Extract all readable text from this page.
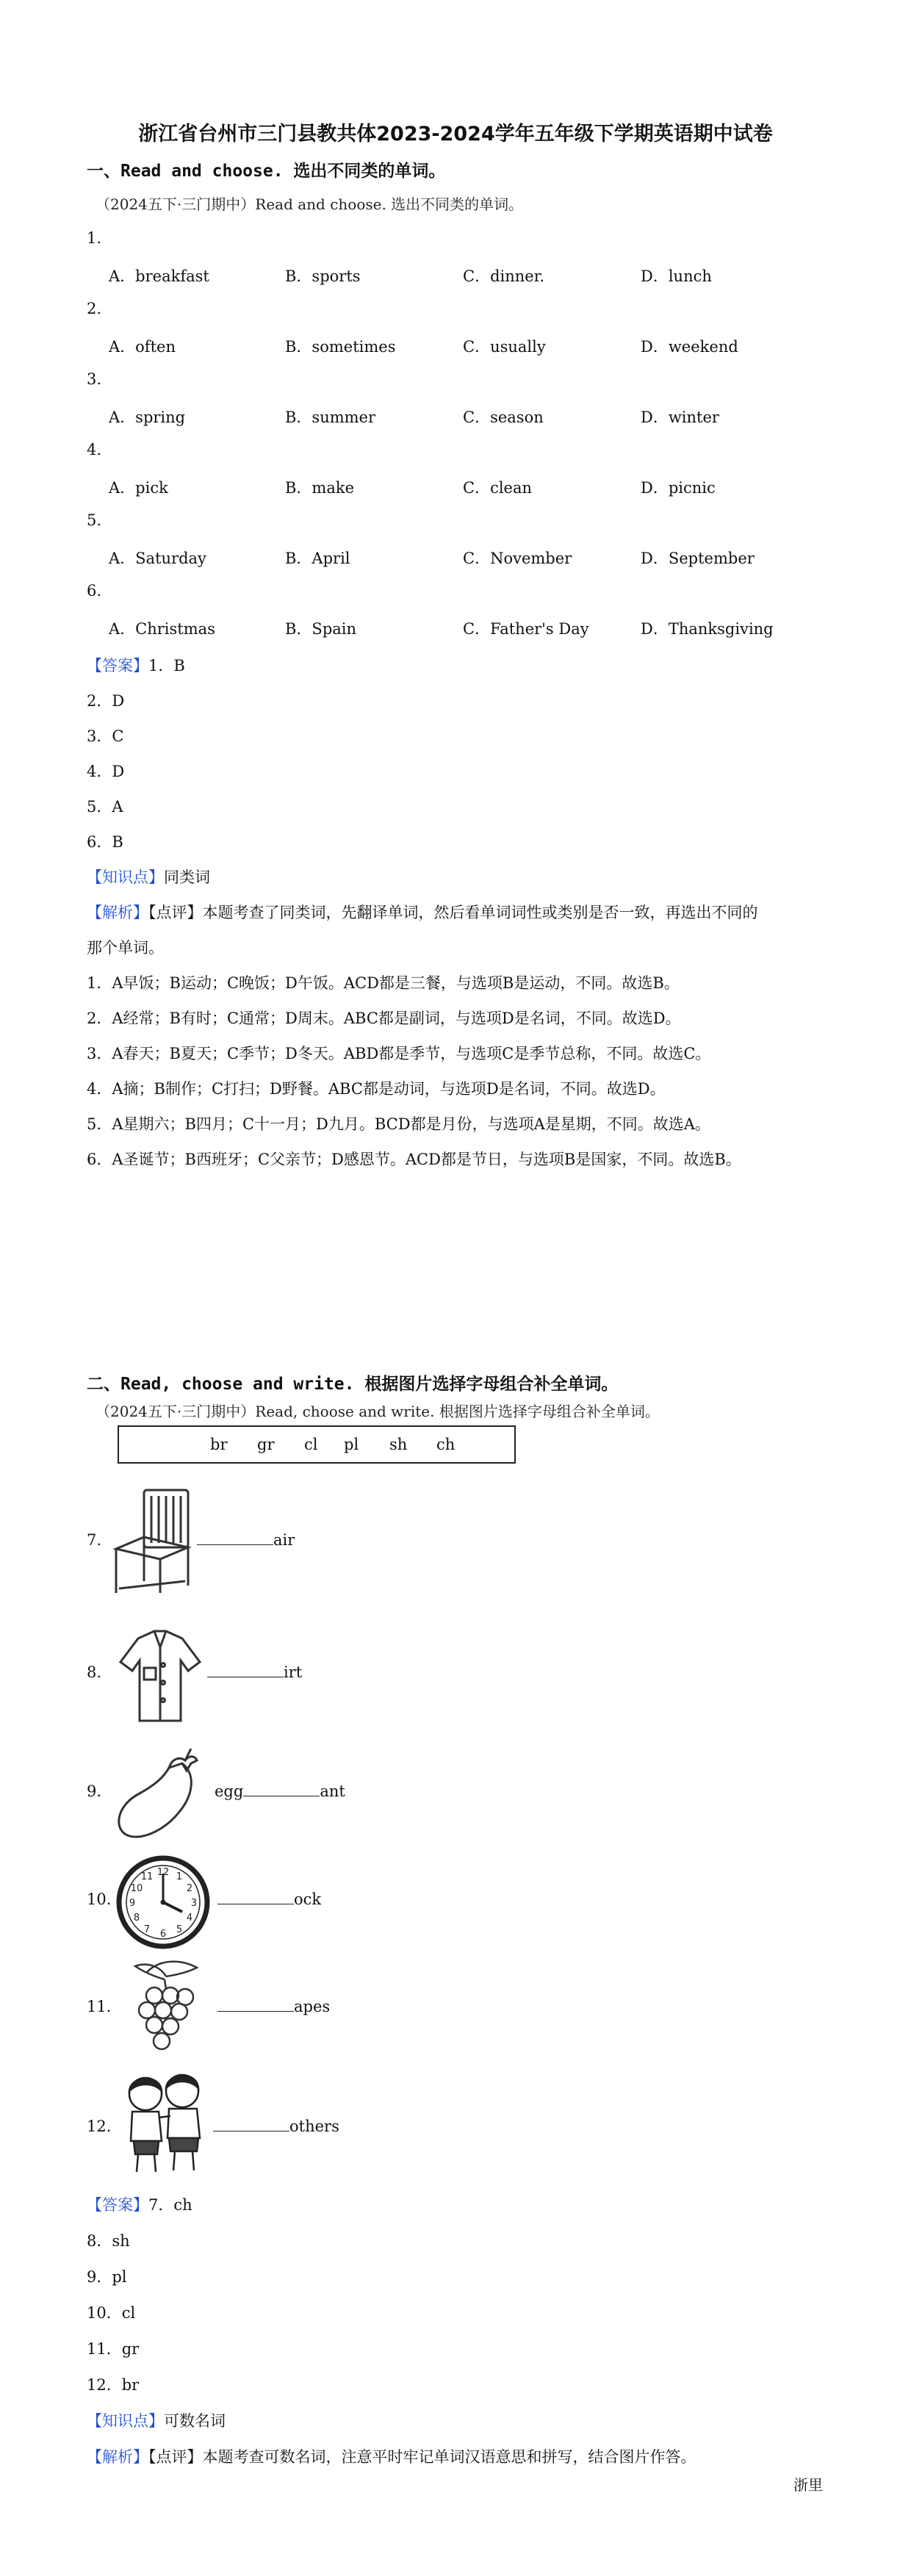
浙江省台州市三门县教共体2023-2024学年五年级下学期英语期中试卷
一、Read and choose. 选出不同类的单词。
（2024五下·三门期中）Read and choose. 选出不同类的单词。
1.
A．breakfast	B．sports	C．dinner.	D．lunch
2.
A．often	B．sometimes	C．usually	D．weekend
3.
A．spring	B．summer	C．season	D．winter
4.
A．pick	B．make	C．clean	D．picnic
5.
A．Saturday	B．April	C．November	D．September
6.
A．Christmas	B．Spain	C．Father's Day	D．Thanksgiving
【答案】1．B
2．D
3．C
4．D
5．A
6．B
【知识点】同类词
【解析】【点评】本题考查了同类词，先翻译单词，然后看单词词性或类别是否一致，再选出不同的
那个单词。
1．A早饭；B运动；C晚饭；D午饭。ACD都是三餐，与选项B是运动，不同。故选B。
2．A经常；B有时；C通常；D周末。ABC都是副词，与选项D是名词，不同。故选D。
3．A春天；B夏天；C季节；D冬天。ABD都是季节，与选项C是季节总称，不同。故选C。
4．A摘；B制作；C打扫；D野餐。ABC都是动词，与选项D是名词，不同。故选D。
5．A星期六；B四月；C十一月；D九月。BCD都是月份，与选项A是星期，不同。故选A。
6．A圣诞节；B西班牙；C父亲节；D感恩节。ACD都是节日，与选项B是国家，不同。故选B。
二、Read, choose and write. 根据图片选择字母组合补全单词。
（2024五下·三门期中）Read, choose and write. 根据图片选择字母组合补全单词。
br gr cl pl sh ch
7.	air
8.	irt
9.	egg	ant
10.
12 1
2
3
4
5
6
7
8
9
10
11
ock
11.	apes
12.	others
【答案】7．ch
8．sh
9．pl
10．cl
11．gr
12．br
【知识点】可数名词
【解析】【点评】本题考查可数名词，注意平时牢记单词汉语意思和拼写，结合图片作答。
浙里
